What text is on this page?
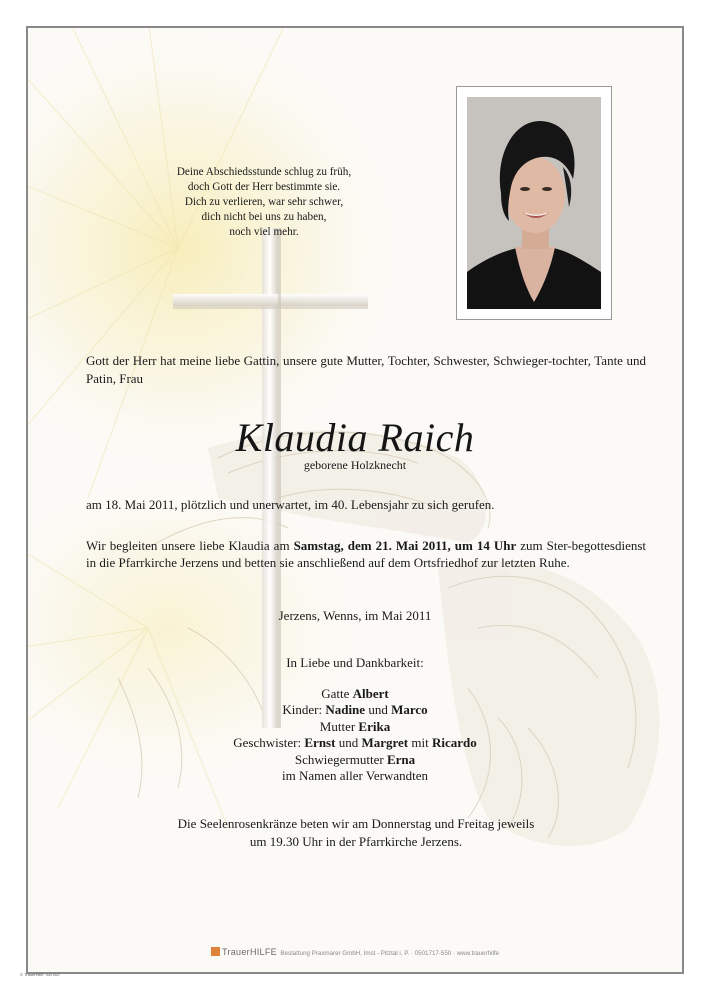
Deine Abschiedsstunde schlug zu früh,
doch Gott der Herr bestimmte sie.
Dich zu verlieren, war sehr schwer,
dich nicht bei uns zu haben,
noch viel mehr.
Gott der Herr hat meine liebe Gattin, unsere gute Mutter, Tochter, Schwester, Schwieger-tochter, Tante und Patin, Frau
Klaudia Raich
geborene Holzknecht
am 18. Mai 2011, plötzlich und unerwartet, im 40. Lebensjahr zu sich gerufen.
Wir begleiten unsere liebe Klaudia am Samstag, dem 21. Mai 2011, um 14 Uhr zum Ster-begottesdienst in die Pfarrkirche Jerzens und betten sie anschließend auf dem Ortsfriedhof zur letzten Ruhe.
Jerzens, Wenns, im Mai 2011
In Liebe und Dankbarkeit:
Gatte Albert
Kinder: Nadine und Marco
Mutter Erika
Geschwister: Ernst und Margret mit Ricardo
Schwiegermutter Erna
im Namen aller Verwandten
Die Seelenrosenkränze beten wir am Donnerstag und Freitag jeweils
um 19.30 Uhr in der Pfarrkirche Jerzens.
TrauerHILFE Bestattung Praxmarer GmbH, Imst - Pitztal i. P. · 0501717-550 · www.trauerhilfe
© TrauerHilfe "AN 002"
